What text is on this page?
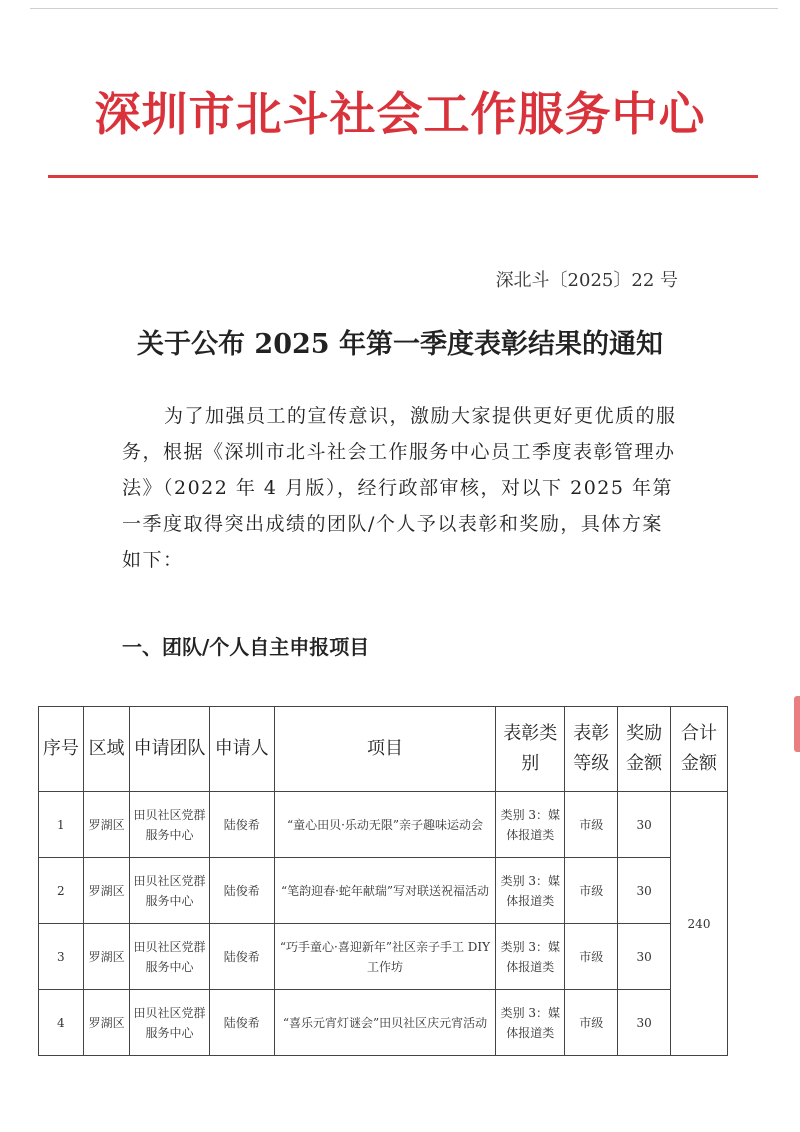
深圳市北斗社会工作服务中心
深北斗〔2025〕22 号
关于公布 2025 年第一季度表彰结果的通知

为了加强员工的宣传意识，激励大家提供更好更优质的服务，根据《深圳市北斗社会工作服务中心员工季度表彰管理办法》（2022 年 4 月版），经行政部审核，对以下 2025 年第一季度取得突出成绩的团队/个人予以表彰和奖励，具体方案如下：

一、团队/个人自主申报项目
序号	区域	申请团队	申请人	项目	表彰类别	表彰等级	奖励金额	合计金额
1	罗湖区	田贝社区党群服务中心	陆俊希	“童心田贝·乐动无限”亲子趣味运动会	类别 3：媒体报道类	市级	30	240
2	罗湖区	田贝社区党群服务中心	陆俊希	“笔韵迎春·蛇年献瑞”写对联送祝福活动	类别 3：媒体报道类	市级	30	
3	罗湖区	田贝社区党群服务中心	陆俊希	“巧手童心·喜迎新年”社区亲子手工 DIY 工作坊	类别 3：媒体报道类	市级	30	
4	罗湖区	田贝社区党群服务中心	陆俊希	“喜乐元宵灯谜会”田贝社区庆元宵活动	类别 3：媒体报道类	市级	30	
